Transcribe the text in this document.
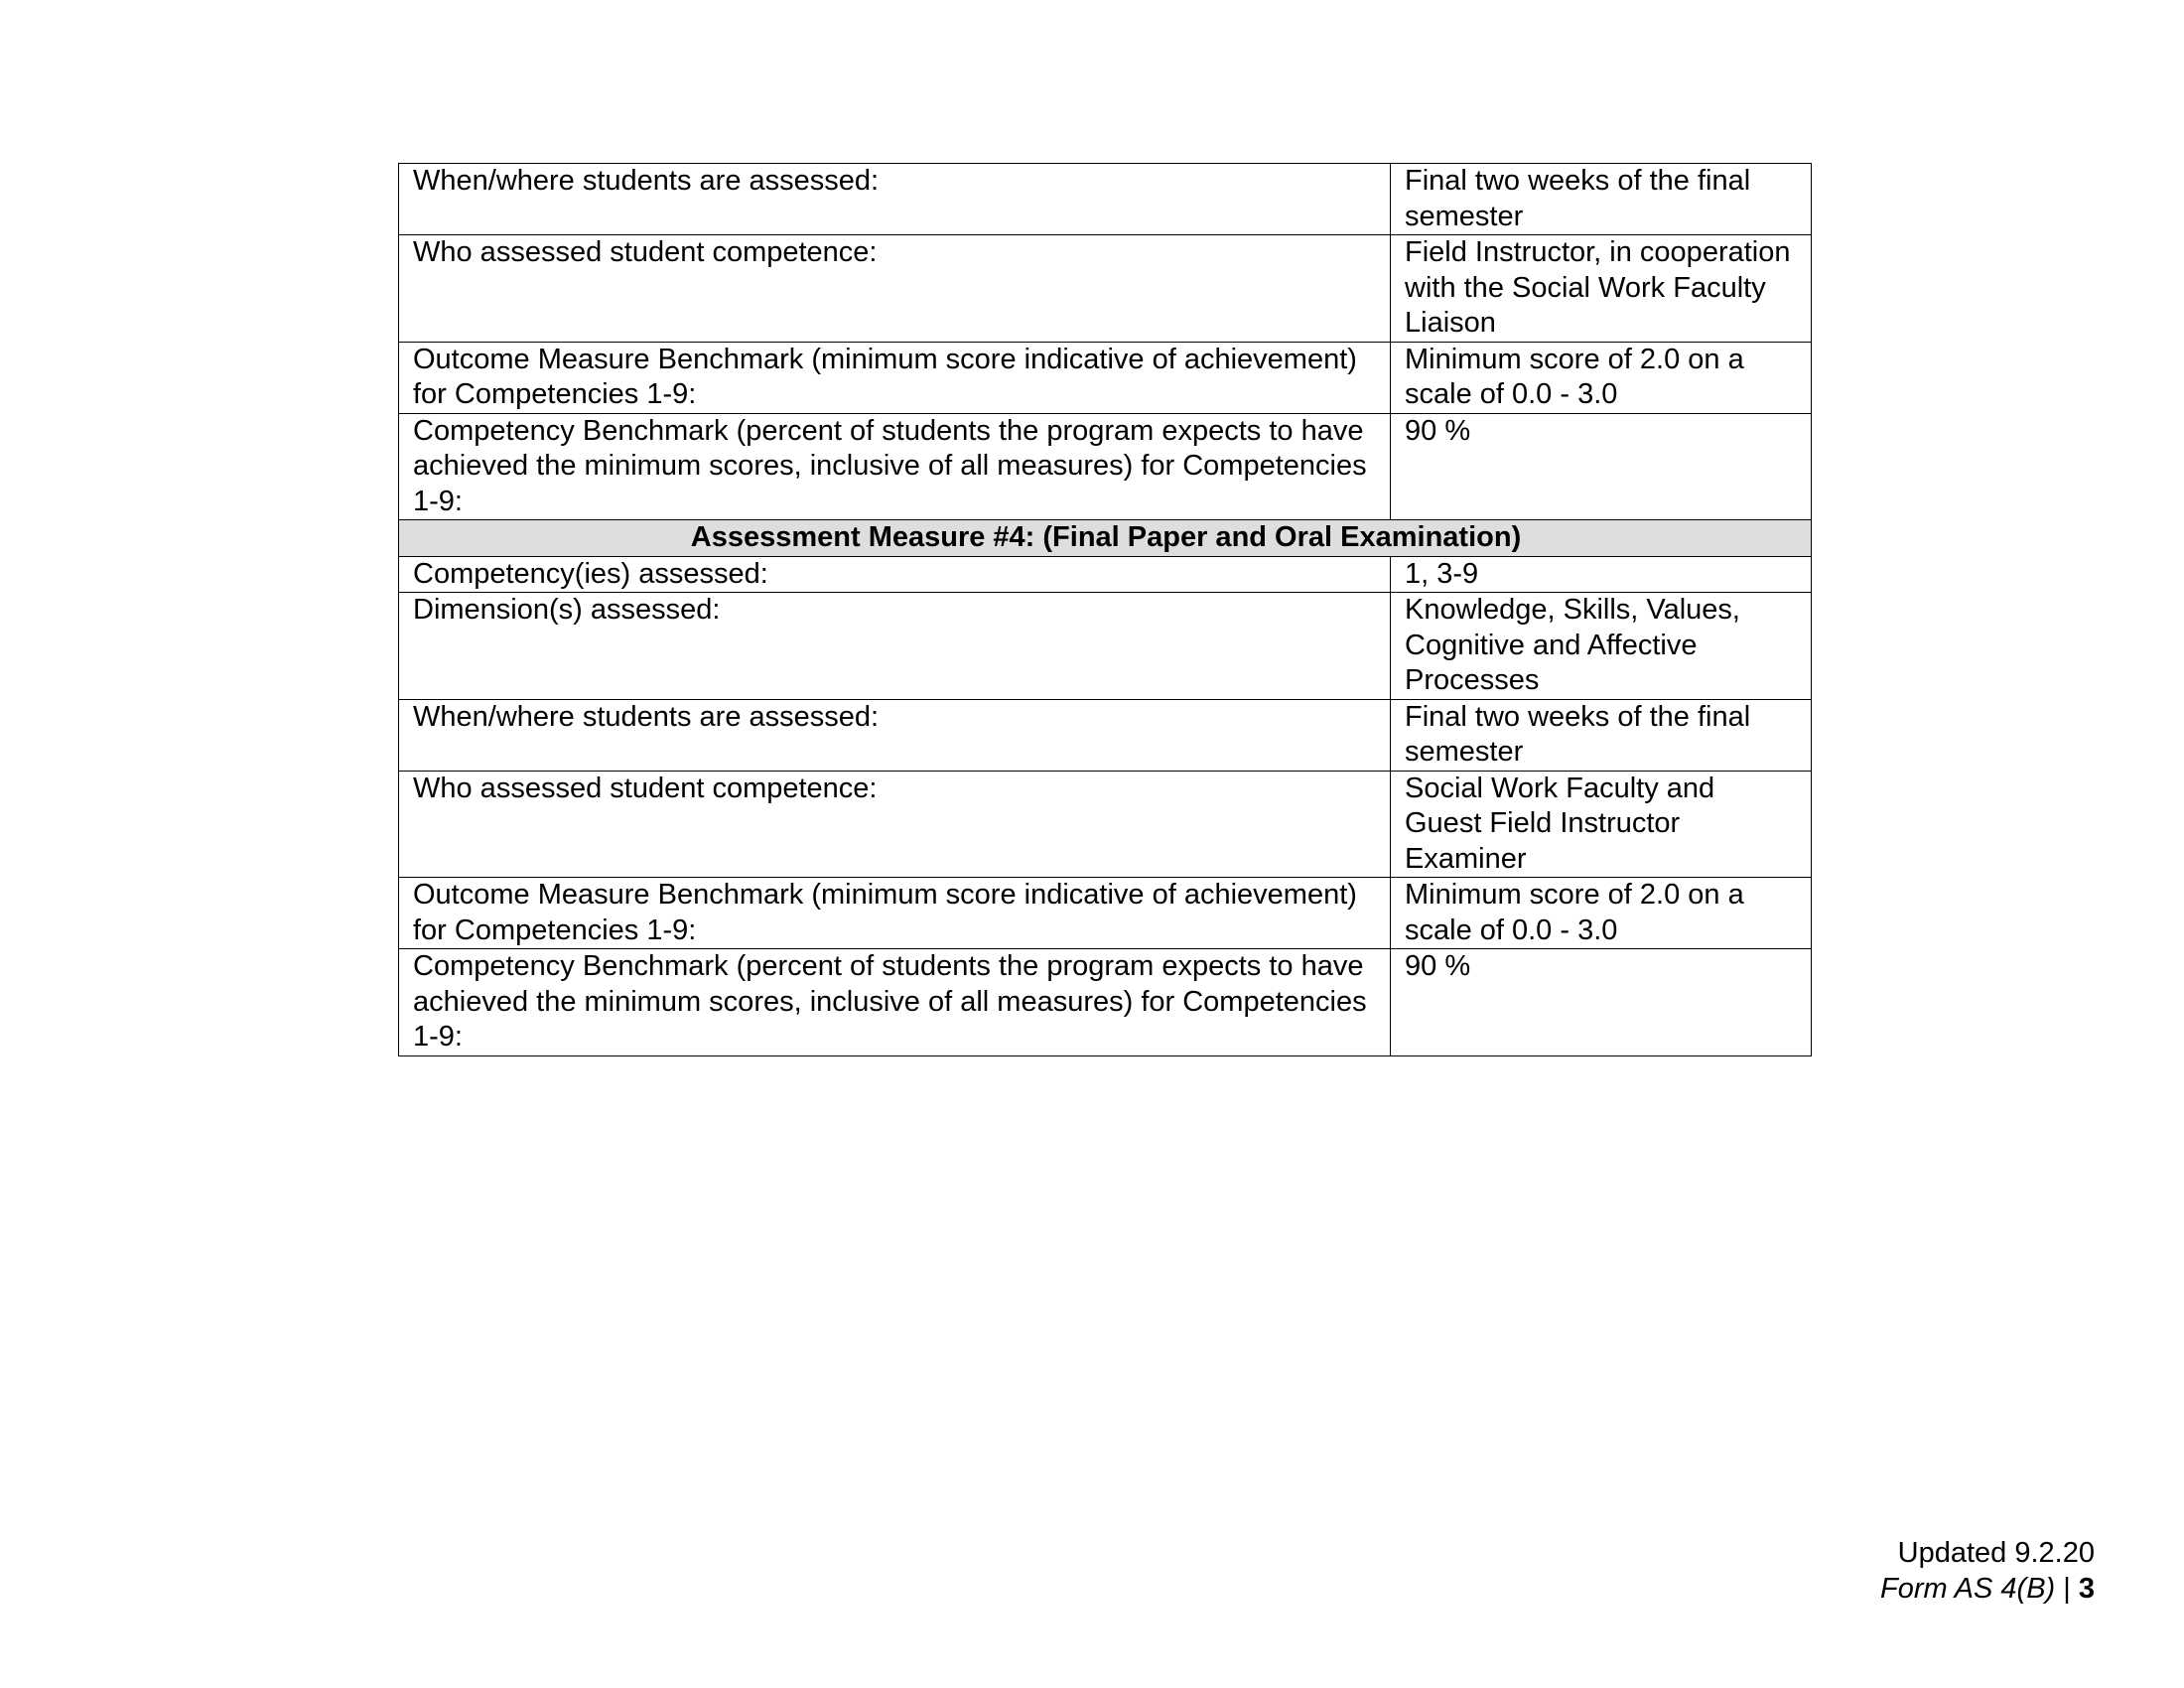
When/where students are assessed:	Final two weeks of the final semester
Who assessed student competence:	Field Instructor, in cooperation with the Social Work Faculty Liaison
Outcome Measure Benchmark (minimum score indicative of achievement) for Competencies 1-9:	Minimum score of 2.0 on a scale of 0.0 - 3.0
Competency Benchmark (percent of students the program expects to have achieved the minimum scores, inclusive of all measures) for Competencies 1-9:	90 %
Assessment Measure #4: (Final Paper and Oral Examination)	
Competency(ies) assessed:	1, 3-9
Dimension(s) assessed:	Knowledge, Skills, Values, Cognitive and Affective Processes
When/where students are assessed:	Final two weeks of the final semester
Who assessed student competence:	Social Work Faculty and Guest Field Instructor Examiner
Outcome Measure Benchmark (minimum score indicative of achievement) for Competencies 1-9:	Minimum score of 2.0 on a scale of 0.0 - 3.0
Competency Benchmark (percent of students the program expects to have achieved the minimum scores, inclusive of all measures) for Competencies 1-9:	90 %
Updated 9.2.20
Form AS 4(B) | 3
